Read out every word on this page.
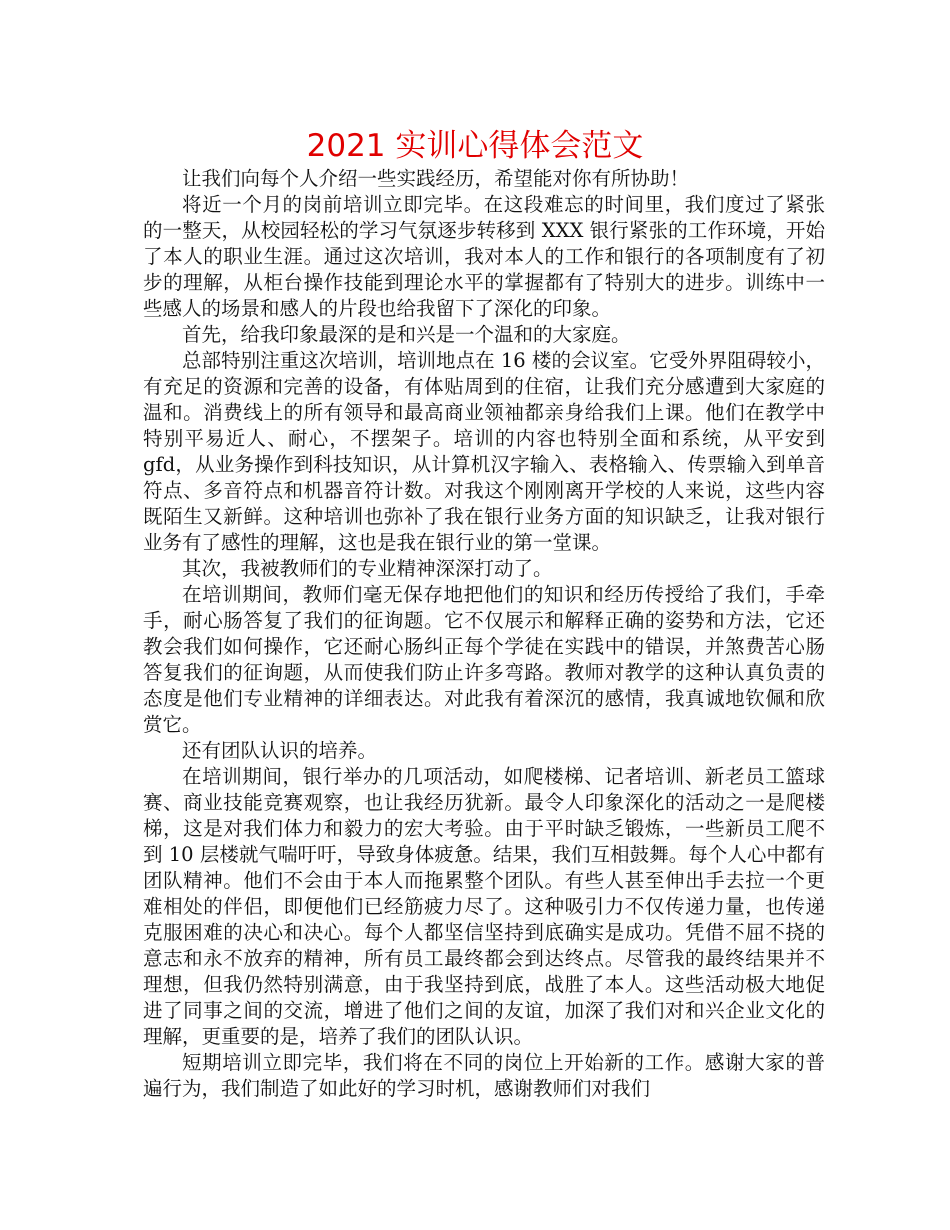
2021 实训心得体会范文

让我们向每个人介绍一些实践经历，希望能对你有所协助！

将近一个月的岗前培训立即完毕。在这段难忘的时间里，我们度过了紧张的一整天，从校园轻松的学习气氛逐步转移到 XXX 银行紧张的工作环境，开始了本人的职业生涯。通过这次培训，我对本人的工作和银行的各项制度有了初步的理解，从柜台操作技能到理论水平的掌握都有了特别大的进步。训练中一些感人的场景和感人的片段也给我留下了深化的印象。

首先，给我印象最深的是和兴是一个温和的大家庭。

总部特别注重这次培训，培训地点在 16 楼的会议室。它受外界阻碍较小，有充足的资源和完善的设备，有体贴周到的住宿，让我们充分感遭到大家庭的温和。消费线上的所有领导和最高商业领袖都亲身给我们上课。他们在教学中特别平易近人、耐心，不摆架子。培训的内容也特别全面和系统，从平安到 gfd，从业务操作到科技知识，从计算机汉字输入、表格输入、传票输入到单音符点、多音符点和机器音符计数。对我这个刚刚离开学校的人来说，这些内容既陌生又新鲜。这种培训也弥补了我在银行业务方面的知识缺乏，让我对银行业务有了感性的理解，这也是我在银行业的第一堂课。

其次，我被教师们的专业精神深深打动了。

在培训期间，教师们毫无保存地把他们的知识和经历传授给了我们，手牵手，耐心肠答复了我们的征询题。它不仅展示和解释正确的姿势和方法，它还教会我们如何操作，它还耐心肠纠正每个学徒在实践中的错误，并煞费苦心肠答复我们的征询题，从而使我们防止许多弯路。教师对教学的这种认真负责的态度是他们专业精神的详细表达。对此我有着深沉的感情，我真诚地钦佩和欣赏它。

还有团队认识的培养。

在培训期间，银行举办的几项活动，如爬楼梯、记者培训、新老员工篮球赛、商业技能竞赛观察，也让我经历犹新。最令人印象深化的活动之一是爬楼梯，这是对我们体力和毅力的宏大考验。由于平时缺乏锻炼，一些新员工爬不到 10 层楼就气喘吁吁，导致身体疲惫。结果，我们互相鼓舞。每个人心中都有团队精神。他们不会由于本人而拖累整个团队。有些人甚至伸出手去拉一个更难相处的伴侣，即便他们已经筋疲力尽了。这种吸引力不仅传递力量，也传递克服困难的决心和决心。每个人都坚信坚持到底确实是成功。凭借不屈不挠的意志和永不放弃的精神，所有员工最终都会到达终点。尽管我的最终结果并不理想，但我仍然特别满意，由于我坚持到底，战胜了本人。这些活动极大地促进了同事之间的交流，增进了他们之间的友谊，加深了我们对和兴企业文化的理解，更重要的是，培养了我们的团队认识。

短期培训立即完毕，我们将在不同的岗位上开始新的工作。感谢大家的普遍行为，我们制造了如此好的学习时机，感谢教师们对我们
